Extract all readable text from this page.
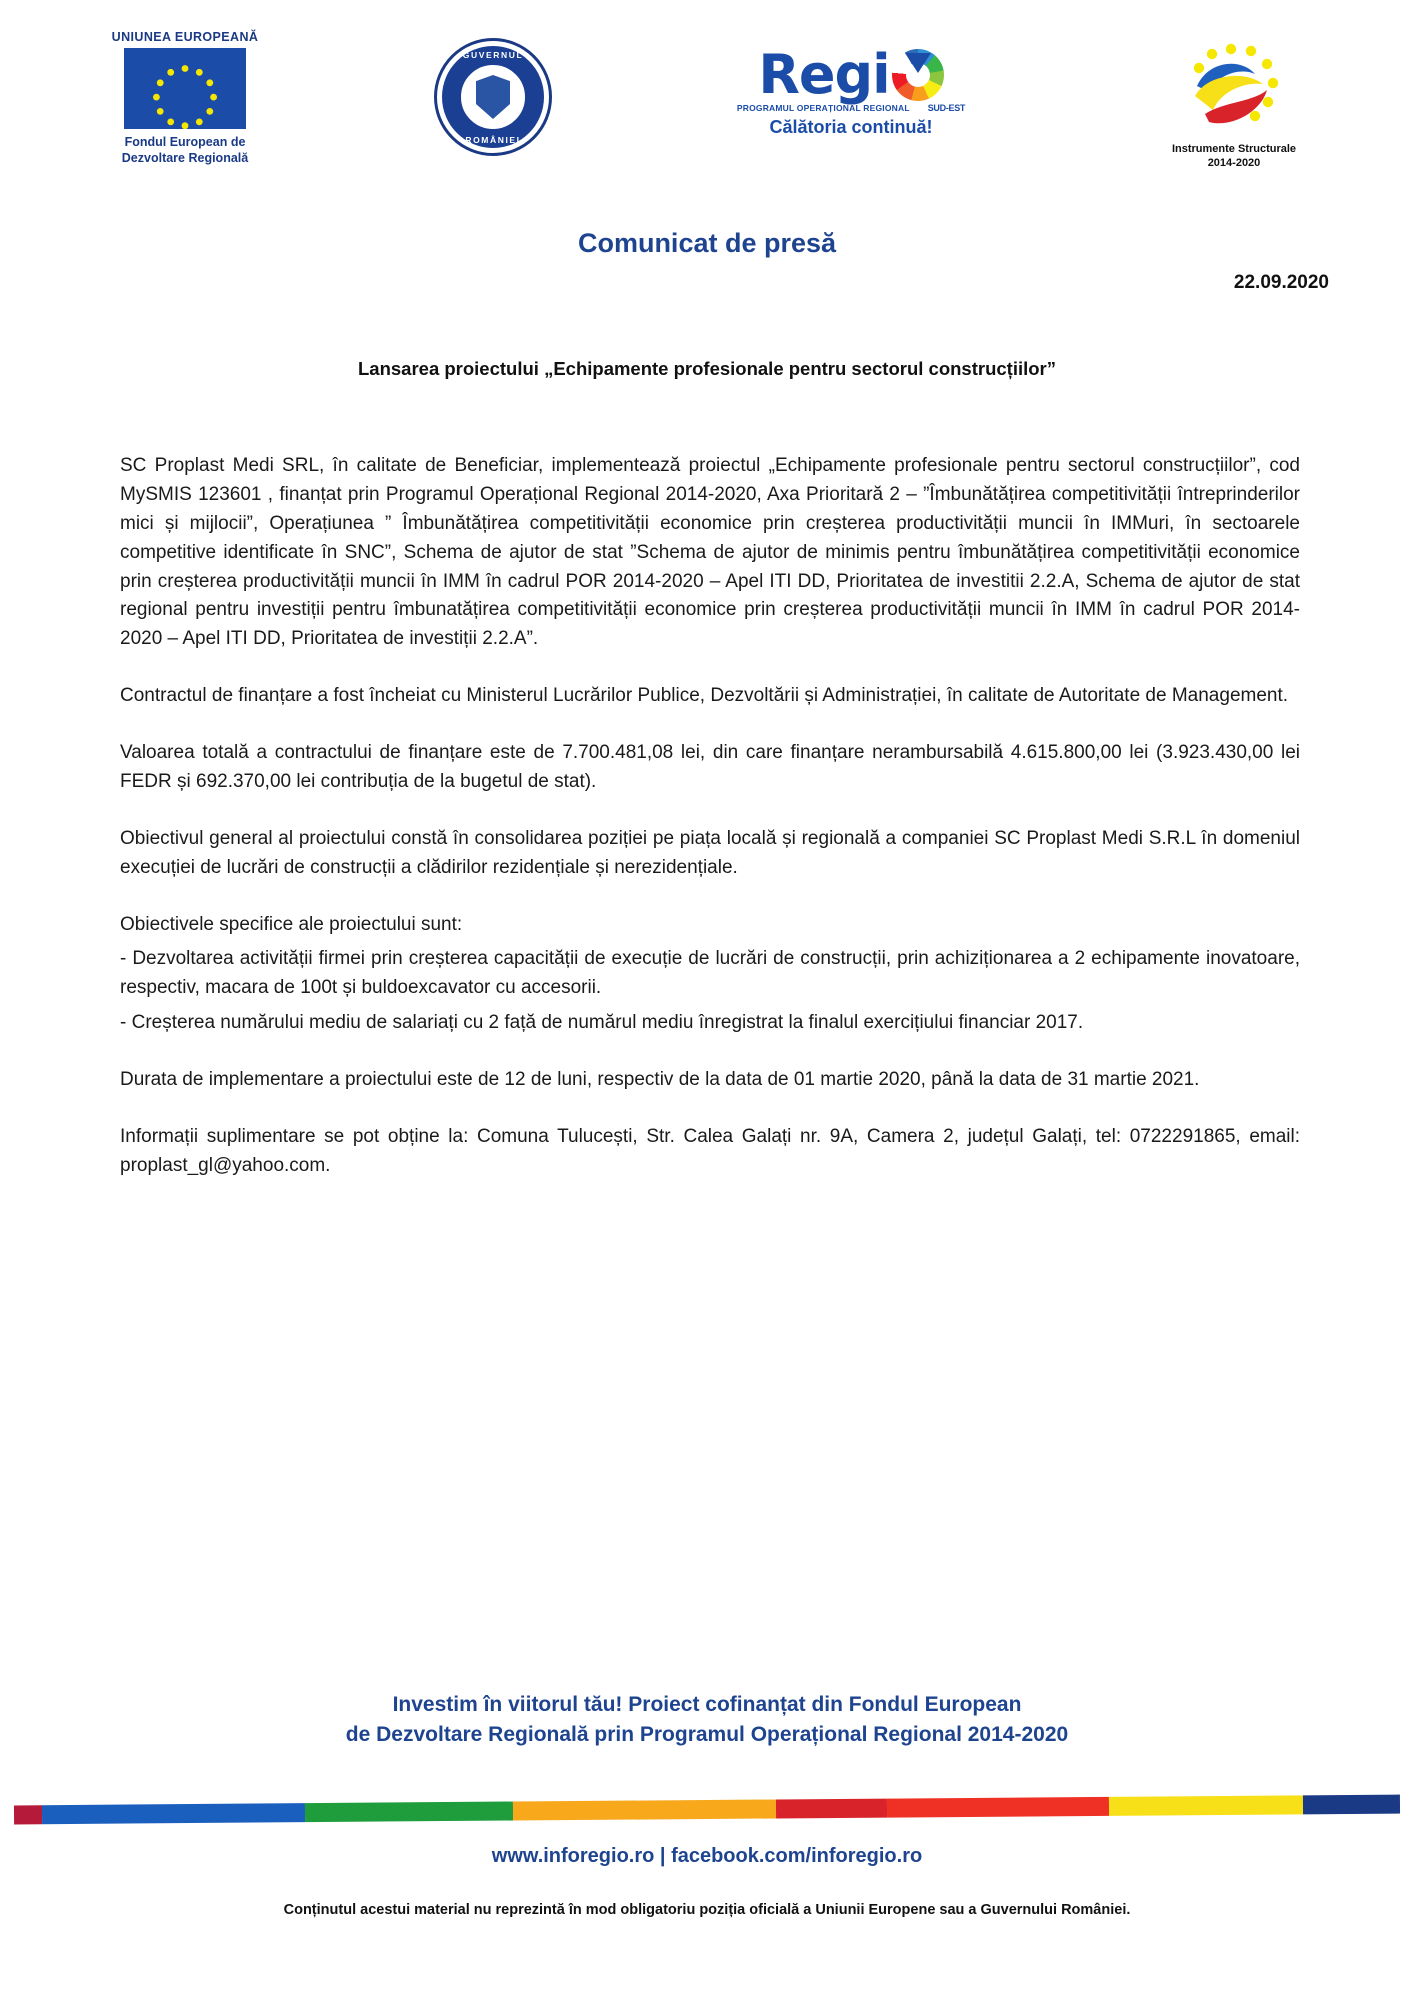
UNIUNEA EUROPEANĂ
Fondul European de
Dezvoltare Regională
GUVERNUL
ROMÂNIEI
Regi
PROGRAMUL OPERAȚIONAL REGIONAL SUD-EST
Călătoria continuă!
Instrumente Structurale
2014-2020
Comunicat de presă
22.09.2020
Lansarea proiectului „Echipamente profesionale pentru sectorul construcțiilor”

SC Proplast Medi SRL, în calitate de Beneficiar, implementează proiectul „Echipamente profesionale pentru sectorul construcțiilor”, cod MySMIS 123601 , finanțat prin Programul Operațional Regional 2014-2020, Axa Prioritară 2 – ”Îmbunătățirea competitivității întreprinderilor mici și mijlocii”, Operațiunea ” Îmbunătățirea competitivității economice prin creșterea productivității muncii în IMMuri, în sectoarele competitive identificate în SNC”, Schema de ajutor de stat ”Schema de ajutor de minimis pentru îmbunătățirea competitivității economice prin creșterea productivității muncii în IMM în cadrul POR 2014-2020 – Apel ITI DD, Prioritatea de investitii 2.2.A, Schema de ajutor de stat regional pentru investiții pentru îmbunatățirea competitivității economice prin creșterea productivității muncii în IMM în cadrul POR 2014-2020 – Apel ITI DD, Prioritatea de investiții 2.2.A”.

Contractul de finanțare a fost încheiat cu Ministerul Lucrărilor Publice, Dezvoltării și Administrației, în calitate de Autoritate de Management.

Valoarea totală a contractului de finanțare este de 7.700.481,08 lei, din care finanțare nerambursabilă 4.615.800,00 lei (3.923.430,00 lei FEDR și 692.370,00 lei contribuția de la bugetul de stat).

Obiectivul general al proiectului constă în consolidarea poziției pe piața locală și regională a companiei SC Proplast Medi S.R.L în domeniul execuției de lucrări de construcții a clădirilor rezidențiale și nerezidențiale.

Obiectivele specifice ale proiectului sunt:

- Dezvoltarea activității firmei prin creșterea capacității de execuție de lucrări de construcții, prin achiziționarea a 2 echipamente inovatoare, respectiv, macara de 100t și buldoexcavator cu accesorii.

- Creșterea numărului mediu de salariați cu 2 față de numărul mediu înregistrat la finalul exercițiului financiar 2017.

Durata de implementare a proiectului este de 12 de luni, respectiv de la data de 01 martie 2020, până la data de 31 martie 2021.

Informații suplimentare se pot obține la: Comuna Tulucești, Str. Calea Galați nr. 9A, Camera 2, județul Galați, tel: 0722291865, email: proplast_gl@yahoo.com.

Investim în viitorul tău! Proiect cofinanțat din Fondul European
de Dezvoltare Regională prin Programul Operațional Regional 2014-2020
www.inforegio.ro | facebook.com/inforegio.ro
Conținutul acestui material nu reprezintă în mod obligatoriu poziția oficială a Uniunii Europene sau a Guvernului României.
